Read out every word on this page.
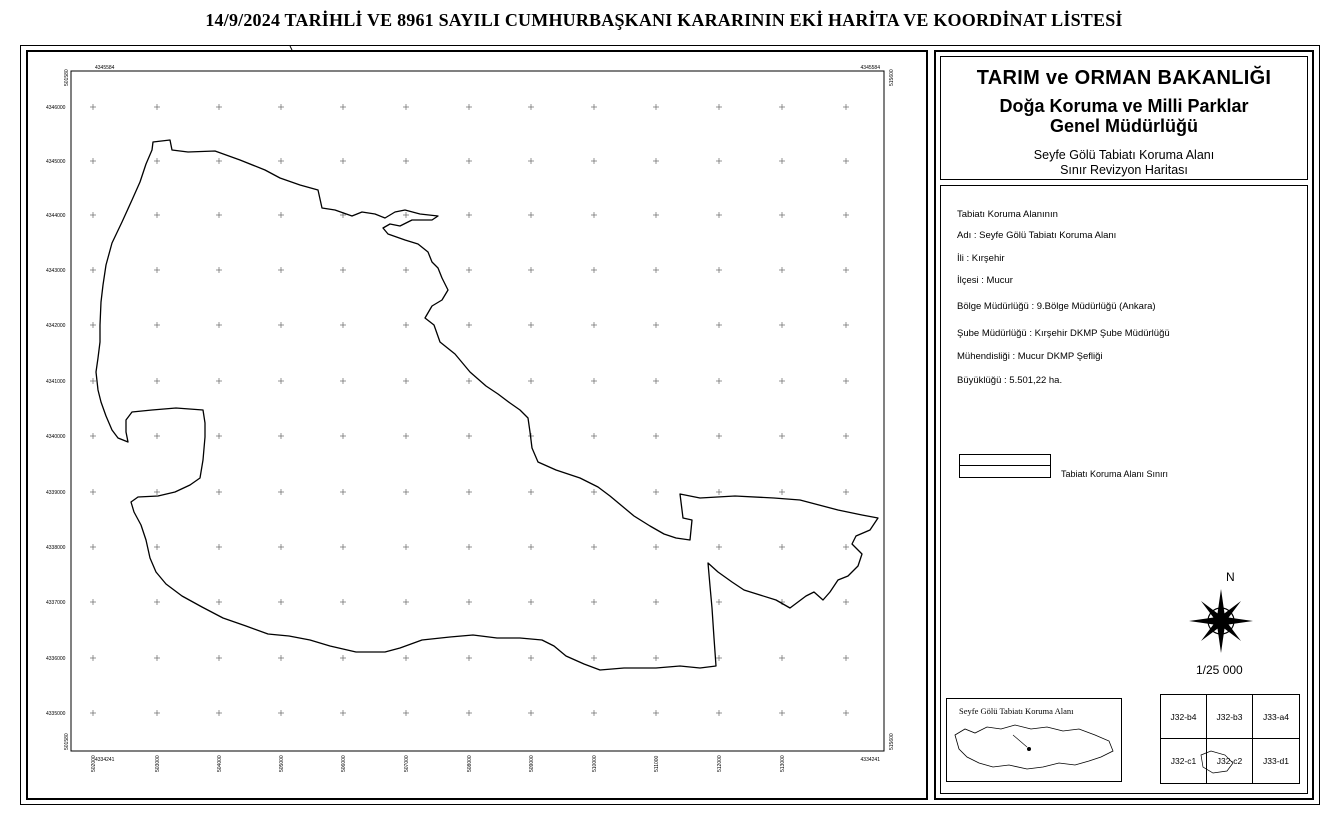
14/9/2024 TARİHLİ VE 8961 SAYILI CUMHURBAŞKANI KARARININ EKİ HARİTA VE KOORDİNAT LİSTESİ
4346000
4345000
4344000
4343000
4342000
4341000
4340000
4339000
4338000
4337000
4336000
4335000
502000	503000	504000	505000	506000	507000	508000	509000	510000	511000	512000	513000
4345584	4345584
4334241	4334241
501580	515600
501580	515600
TARIM ve ORMAN BAKANLIĞI
Doğa Koruma ve Milli Parklar
Genel Müdürlüğü
Seyfe Gölü Tabiatı Koruma Alanı
Sınır Revizyon Haritası
Tabiatı Koruma Alanının
Adı : Seyfe Gölü Tabiatı Koruma Alanı
İli : Kırşehir
İlçesi : Mucur
Bölge Müdürlüğü : 9.Bölge Müdürlüğü (Ankara)
Şube Müdürlüğü : Kırşehir DKMP Şube Müdürlüğü
Mühendisliği : Mucur DKMP Şefliği
Büyüklüğü : 5.501,22 ha.
Tabiatı Koruma Alanı Sınırı
N
1/25 000
Seyfe Gölü Tabiatı Koruma Alanı
J32-b4	J32-b3	J33-a4
J32-c1	J32-c2	J33-d1
